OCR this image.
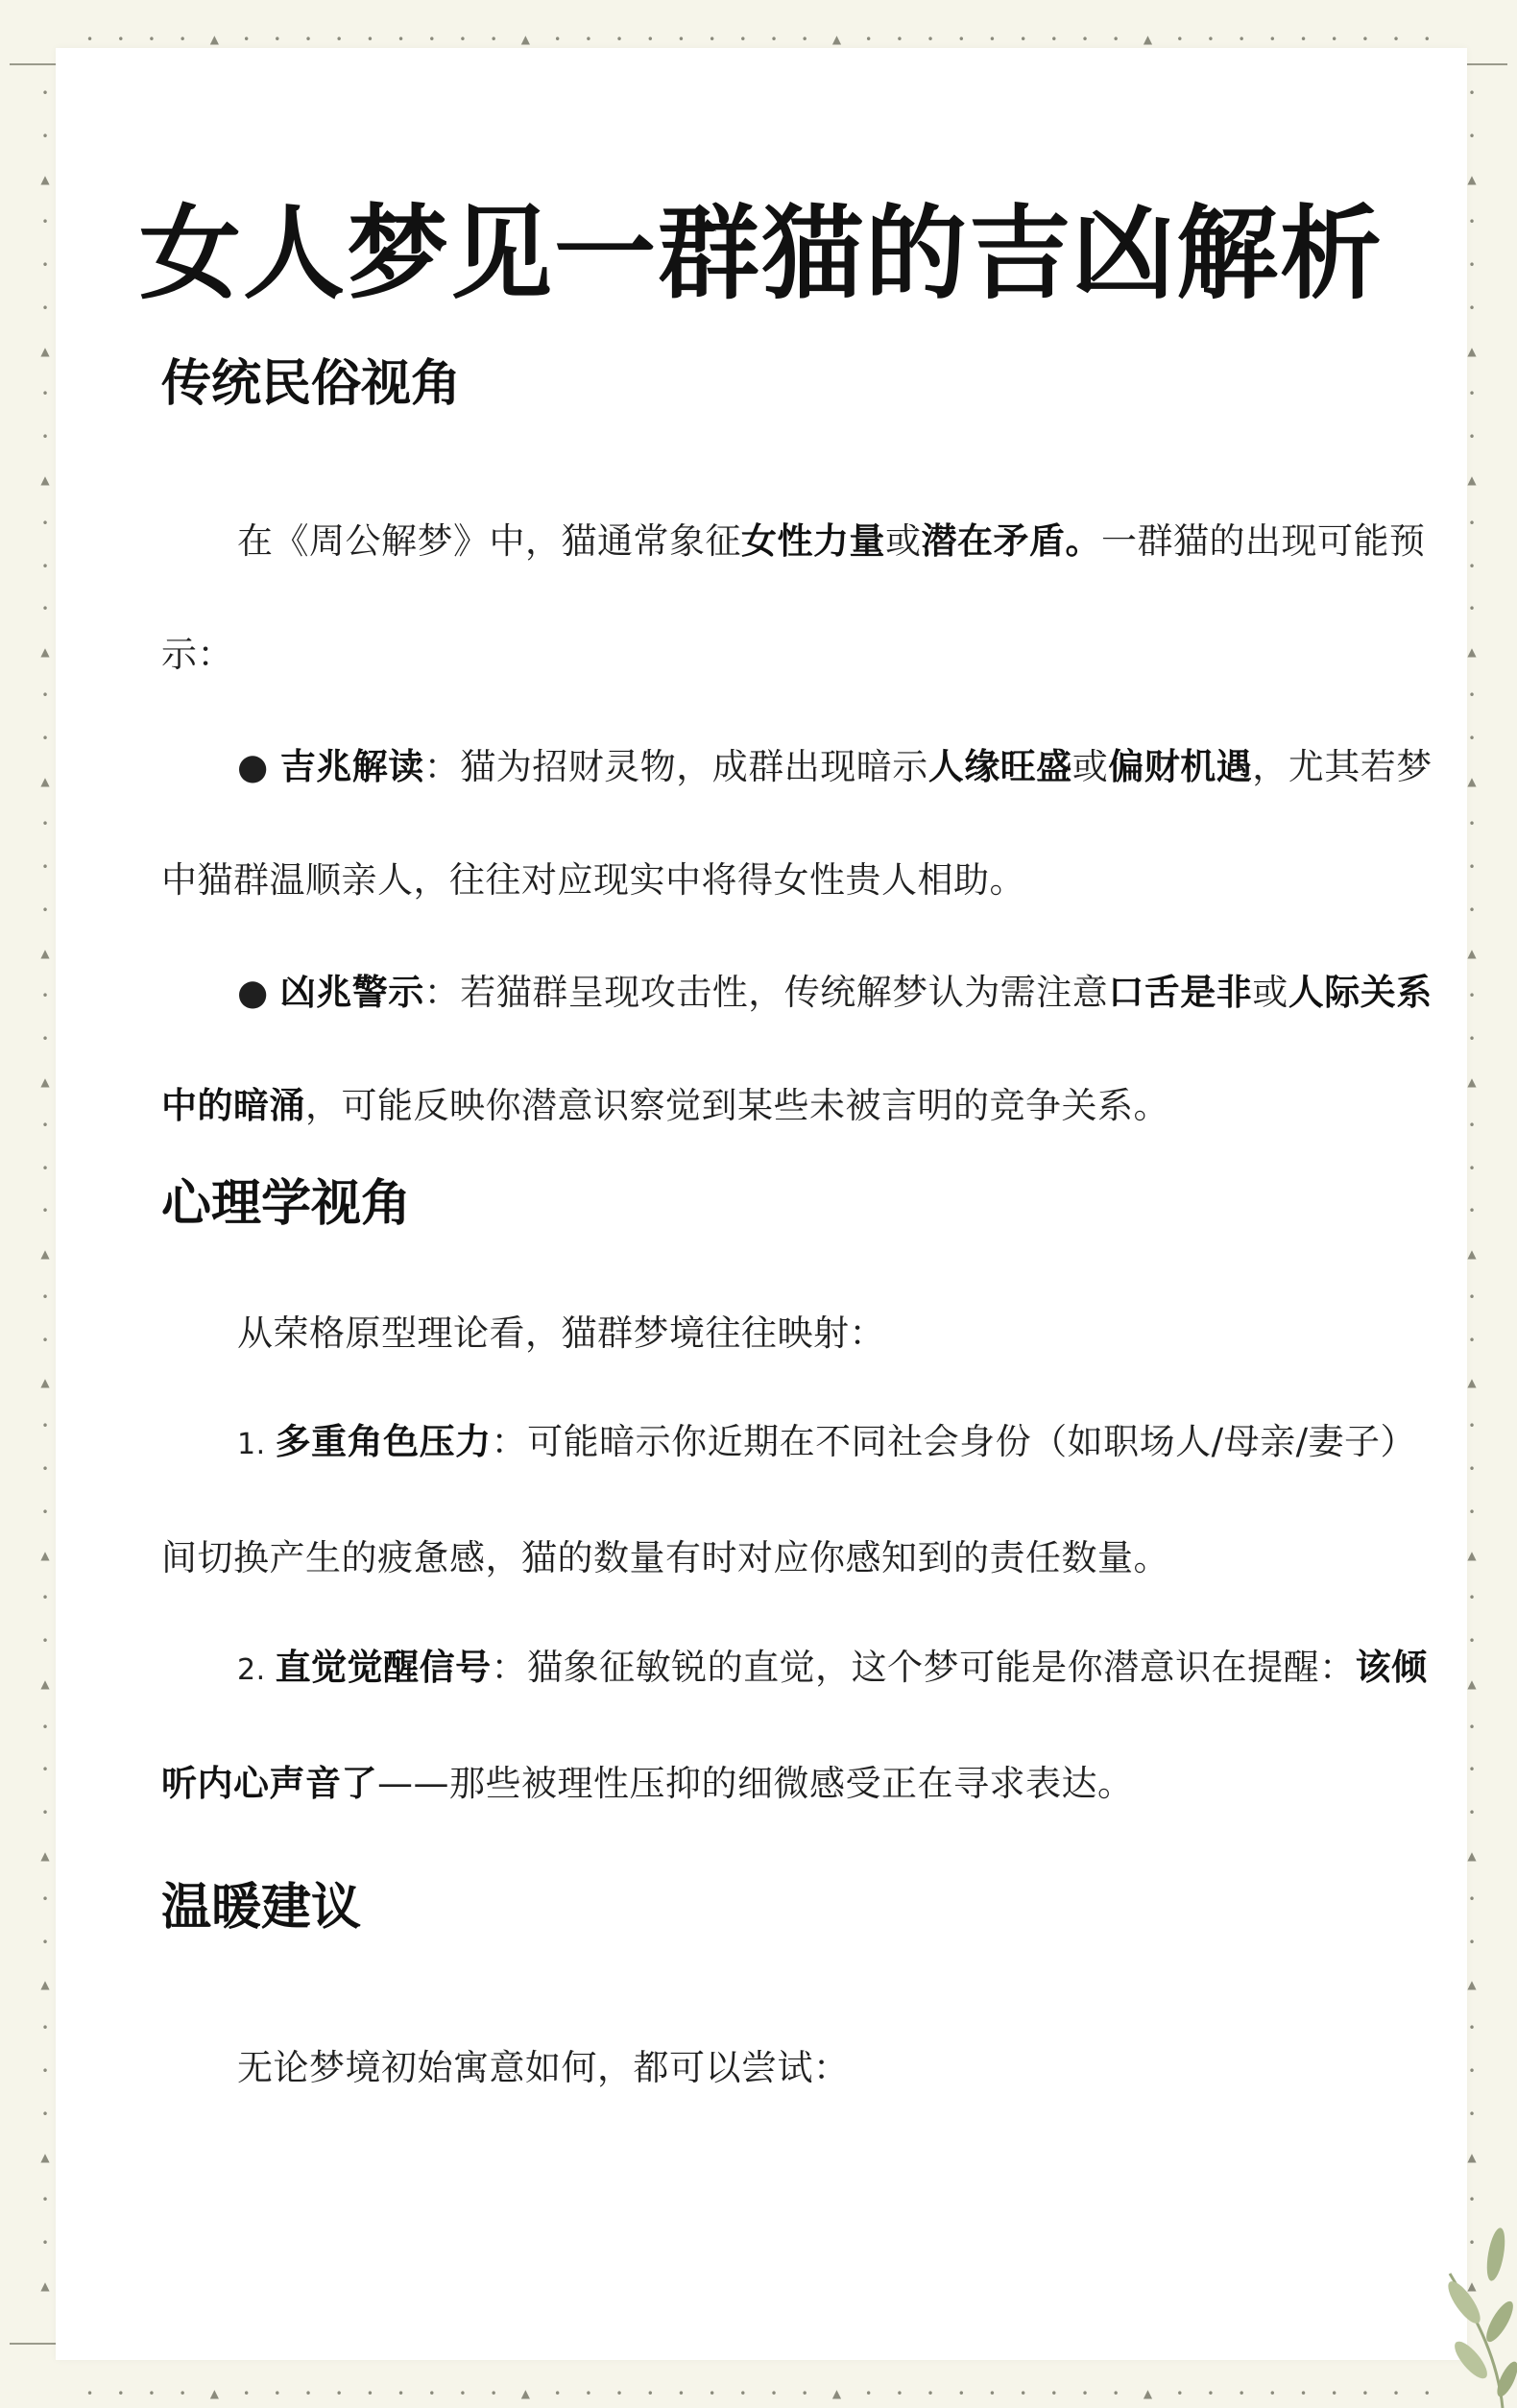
• • • • ▲ • • • • • • • • • ▲ • • • • • • • • • ▲ • • • • • • • • • ▲ • • • • • • • • •
• • • • ▲ • • • • • • • • • ▲ • • • • • • • • • ▲ • • • • • • • • • ▲ • • • • • • • • •
•
•
▲
•
•
•
▲
•
•
▲
•
•
•
▲
•
•
▲
•
•
•
▲
•
•
▲
•
•
•
▲
•
•
▲
•
•
•
▲
•
•
▲
•
•
•
▲
•
•
▲
•
•
•
▲
•
•
▲
•
•
▲
•
•
•
▲
•
•
▲
•
•
•
▲
•
•
▲
•
•
•
▲
•
•
▲
•
•
•
▲
•
•
▲
•
•
•
▲
•
•
▲
•
•
•
▲
•
•
▲
•
•
•
▲
•
•
▲
女人梦见一群猫的吉凶解析
传统民俗视角
在《周公解梦》中，猫通常象征女性力量或潜在矛盾。一群猫的出现可能预示：
● 吉兆解读：猫为招财灵物，成群出现暗示人缘旺盛或偏财机遇，尤其若梦中猫群温顺亲人，往往对应现实中将得女性贵人相助。
● 凶兆警示：若猫群呈现攻击性，传统解梦认为需注意口舌是非或人际关系中的暗涌，可能反映你潜意识察觉到某些未被言明的竞争关系。
心理学视角
从荣格原型理论看，猫群梦境往往映射：
1. 多重角色压力：可能暗示你近期在不同社会身份（如职场人/母亲/妻子）间切换产生的疲惫感，猫的数量有时对应你感知到的责任数量。
2. 直觉觉醒信号：猫象征敏锐的直觉，这个梦可能是你潜意识在提醒：该倾听内心声音了——那些被理性压抑的细微感受正在寻求表达。
温暖建议
无论梦境初始寓意如何，都可以尝试：
